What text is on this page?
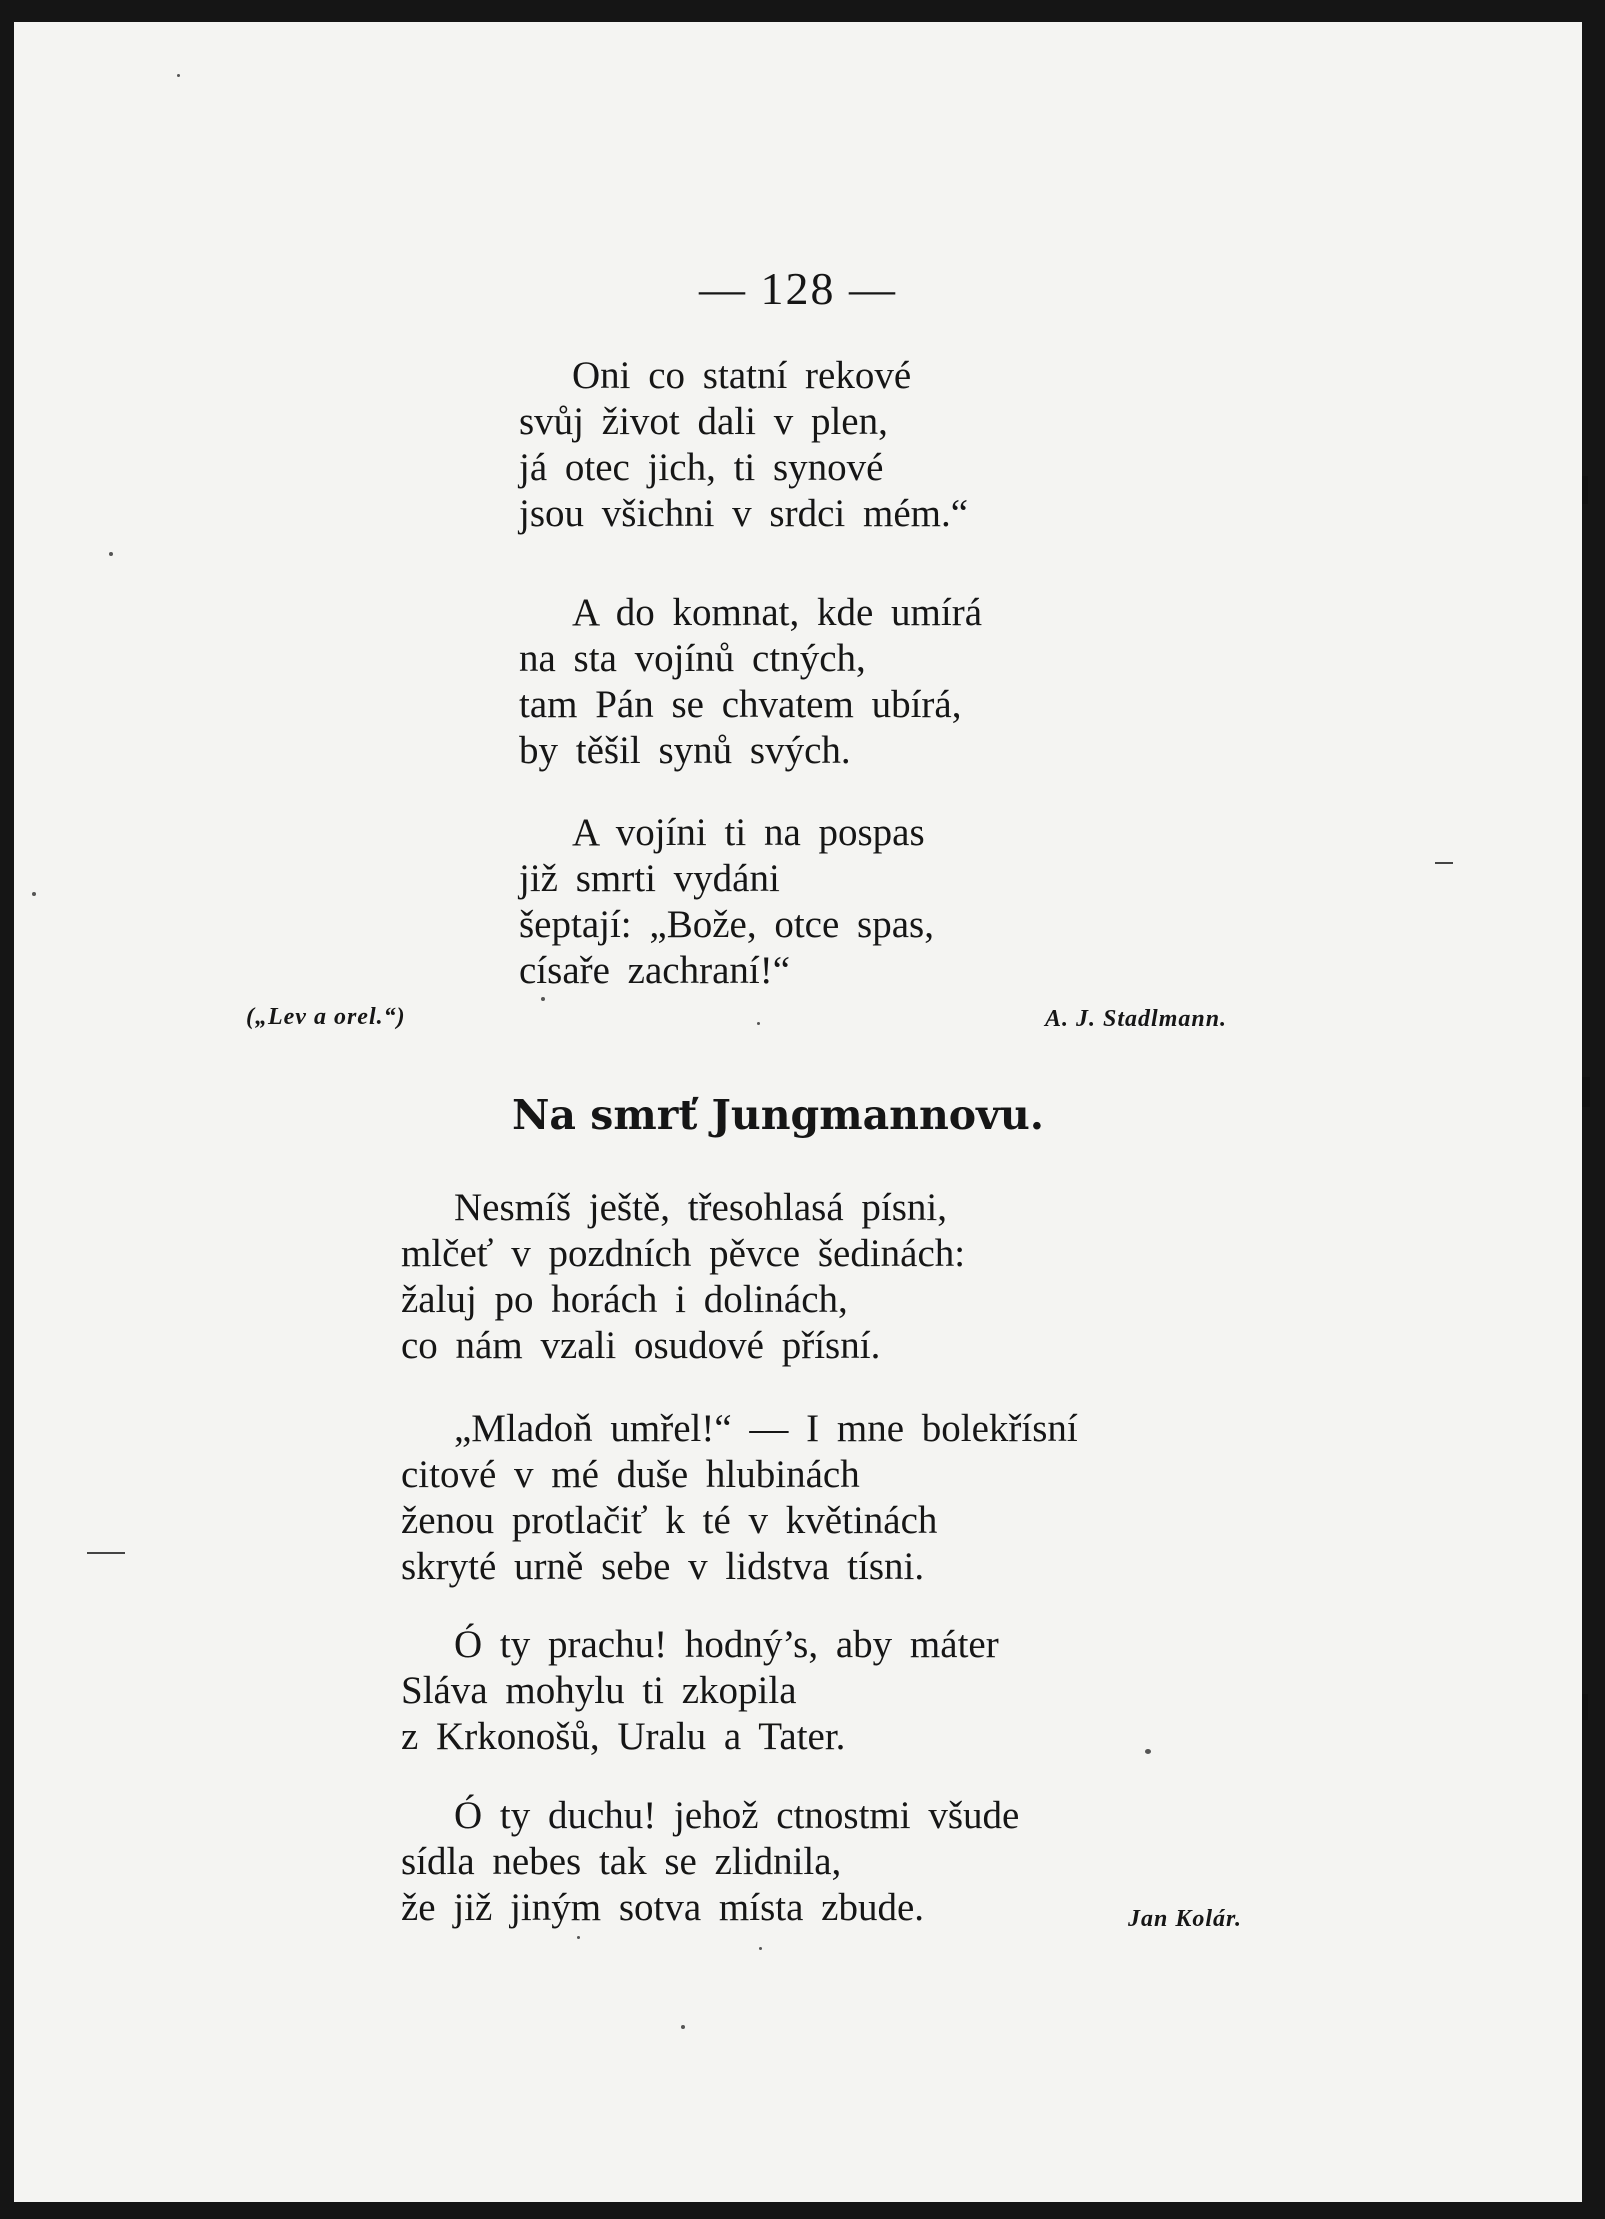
— 128 —
Oni co statní rekové
svůj život dali v plen,
já otec jich, ti synové
jsou všichni v srdci mém.“
A do komnat, kde umírá
na sta vojínů ctných,
tam Pán se chvatem ubírá,
by těšil synů svých.
A vojíni ti na pospas
již smrti vydáni
šeptají: „Bože, otce spas,
císaře zachraní!“
(„Lev a orel.“)	A. J. Stadlmann.
Na smrť Jungmannovu.
Nesmíš ještě, třesohlasá písni,
mlčeť v pozdních pěvce šedinách:
žaluj po horách i dolinách,
co nám vzali osudové přísní.
„Mladoň umřel!“ — I mne bolekřísní
citové v mé duše hlubinách
ženou protlačiť k té v květinách
skryté urně sebe v lidstva tísni.
Ó ty prachu! hodný’s, aby máter
Sláva mohylu ti zkopila
z Krkonošů, Uralu a Tater.
Ó ty duchu! jehož ctnostmi všude
sídla nebes tak se zlidnila,
že již jiným sotva místa zbude.	Jan Kolár.
